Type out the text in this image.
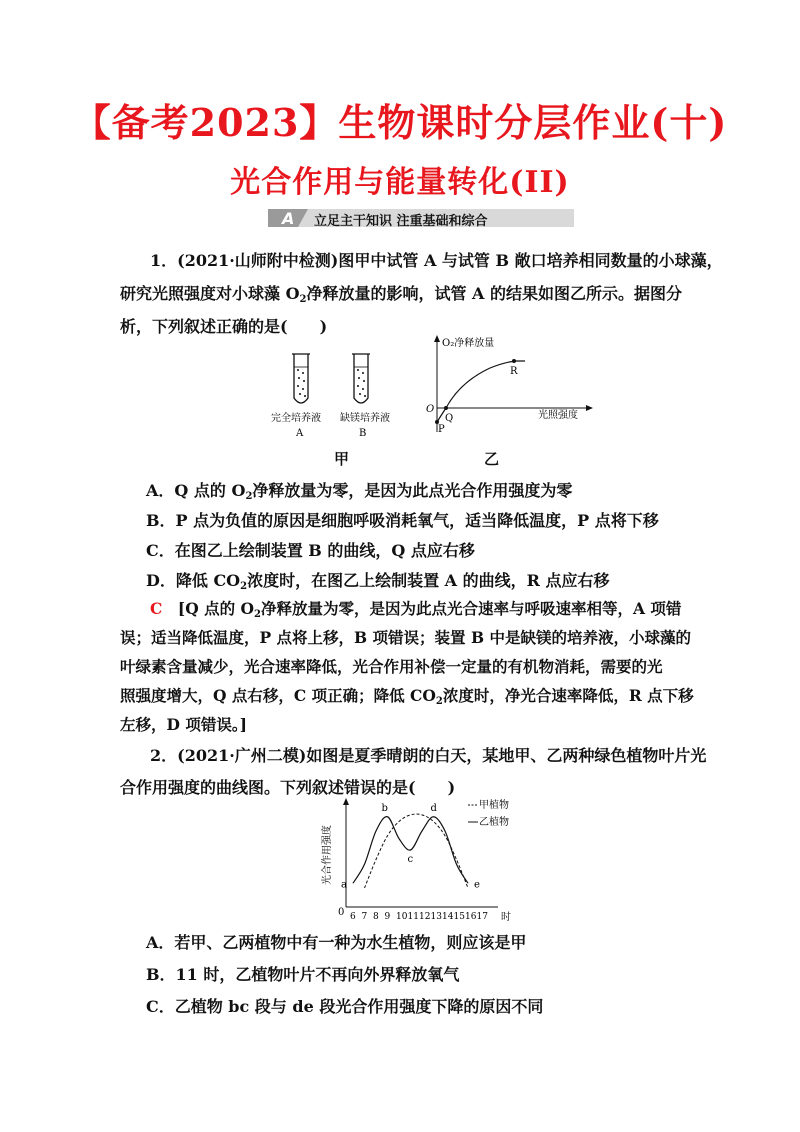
【备考2023】生物课时分层作业(十)
光合作用与能量转化(II)
A 立足主干知识 注重基础和综合
1．(2021·山师附中检测)图甲中试管 A 与试管 B 敞口培养相同数量的小球藻，
研究光照强度对小球藻 $O_2$净释放量的影响，试管 A 的结果如图乙所示。据图分
析，下列叙述正确的是(　　)
完全培养液
A
缺镁培养液
B
甲
O₂净释放量
光照强度
O
Q
P
R
乙
A．Q 点的 $O_2$净释放量为零，是因为此点光合作用强度为零
B．P 点为负值的原因是细胞呼吸消耗氧气，适当降低温度，P 点将下移
C．在图乙上绘制装置 B 的曲线，Q 点应右移
D．降低 $CO_2$浓度时，在图乙上绘制装置 A 的曲线，R 点应右移
C　 [Q 点的 $O_2$净释放量为零，是因为此点光合速率与呼吸速率相等，A 项错
误；适当降低温度，P 点将上移，B 项错误；装置 B 中是缺镁的培养液，小球藻的
叶绿素含量减少，光合速率降低，光合作用补偿一定量的有机物消耗，需要的光
照强度增大，Q 点右移，C 项正确；降低 $CO_2$浓度时，净光合速率降低，R 点下移
左移，D 项错误。]
2．(2021·广州二模)如图是夏季晴朗的白天，某地甲、乙两种绿色植物叶片光
合作用强度的曲线图。下列叙述错误的是(　　)
0	时
光合作用强度
6 7 8 9 10 11 12 13 14 15 16 17
甲植物
乙植物
a
b
c
d
e
A．若甲、乙两植物中有一种为水生植物，则应该是甲
B．11 时，乙植物叶片不再向外界释放氧气
C．乙植物 bc 段与 de 段光合作用强度下降的原因不同
